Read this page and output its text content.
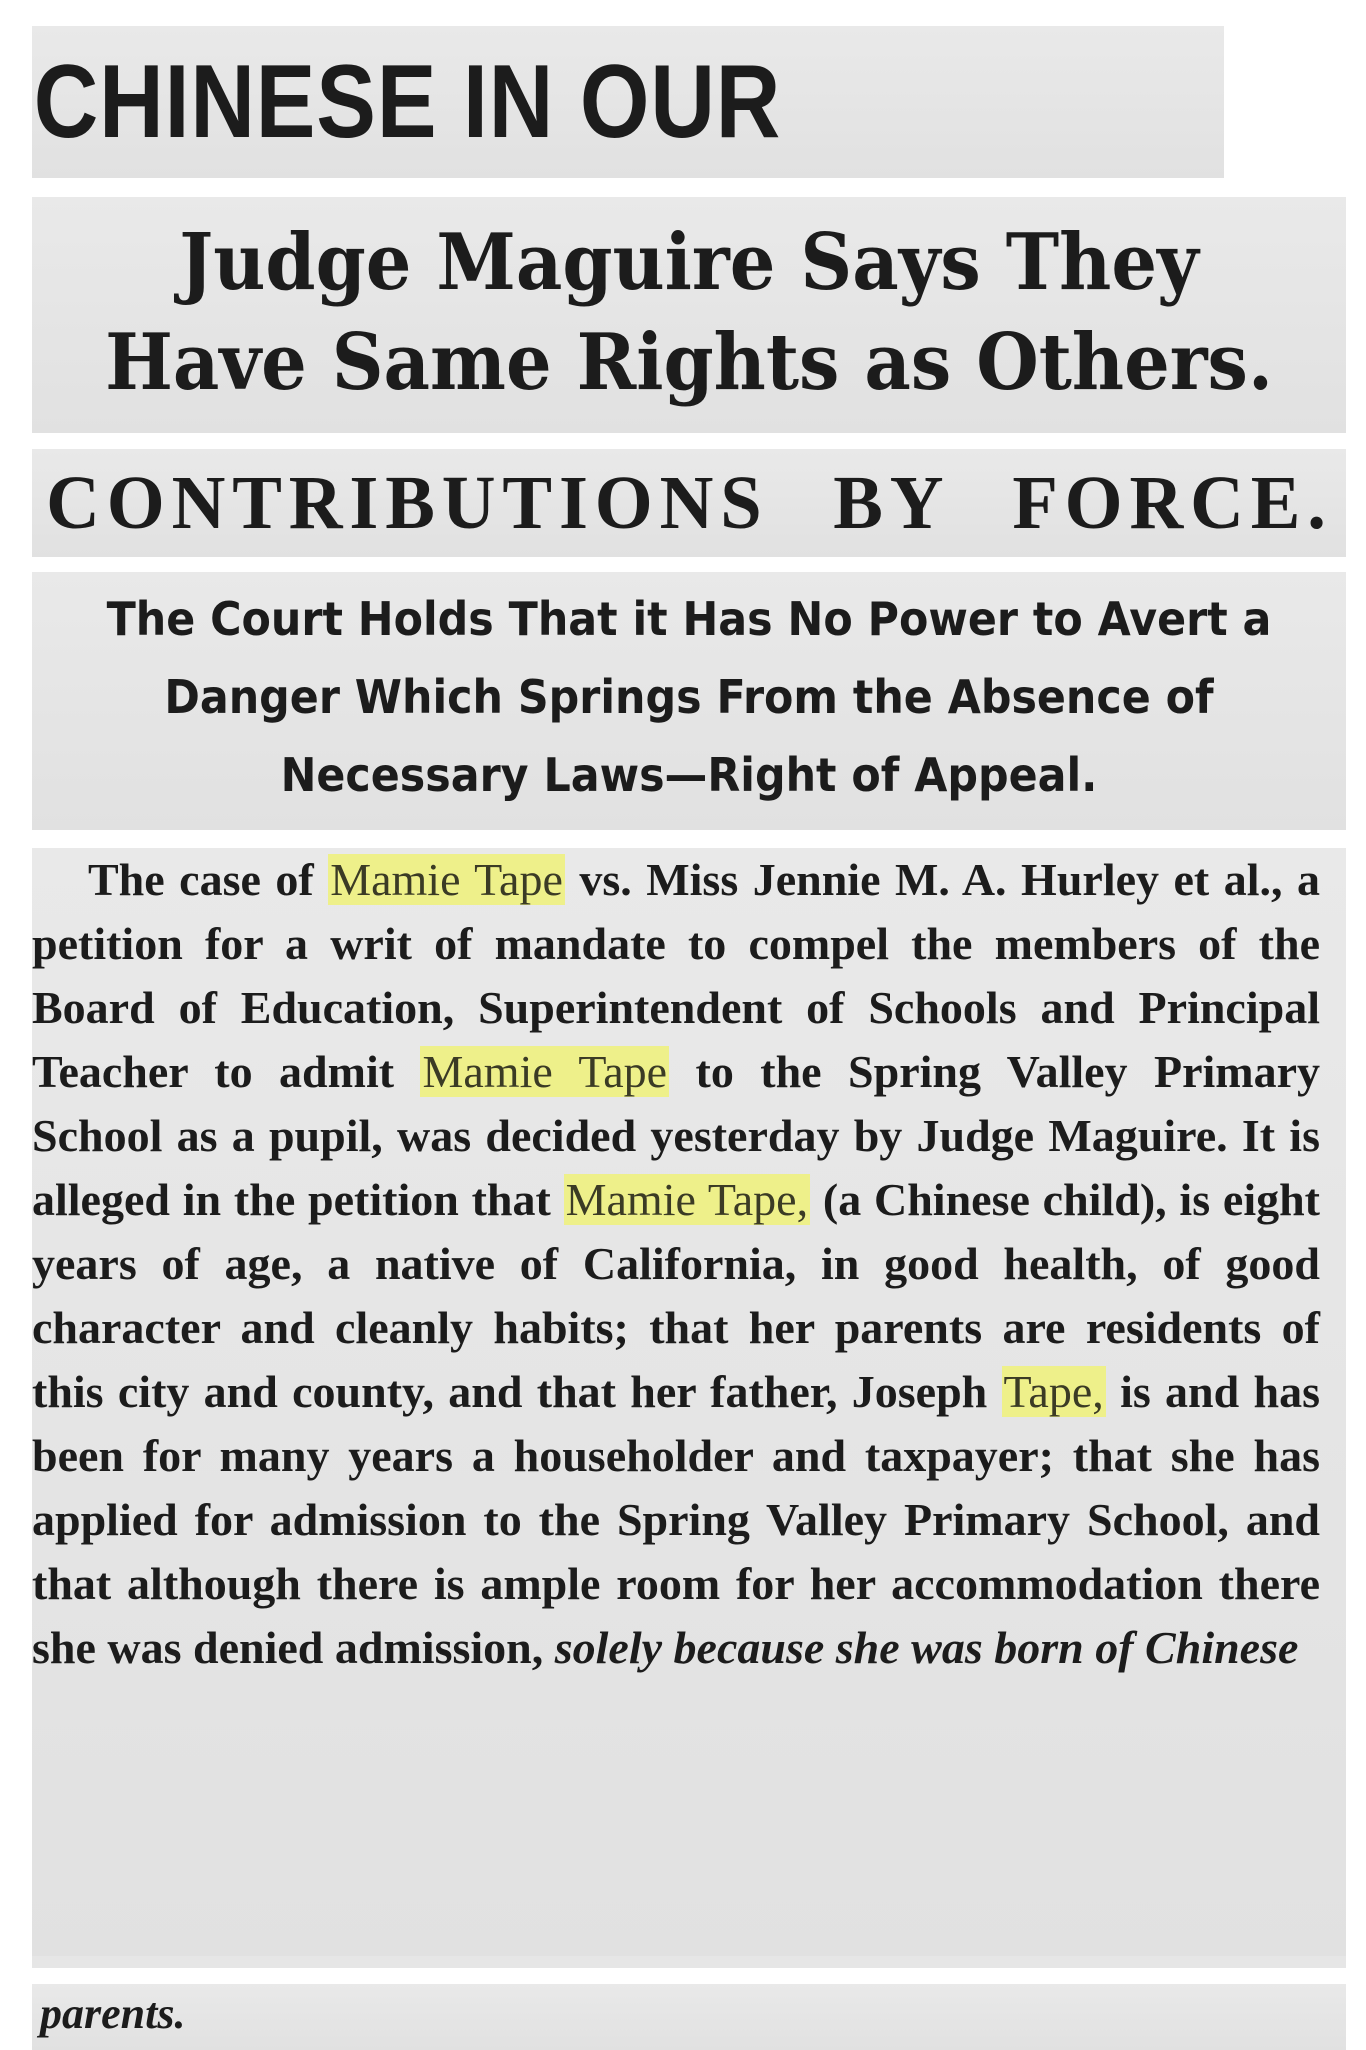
CHINESE IN OUR
Judge Maguire Says They Have Same Rights as Others.
CONTRIBUTIONS BY FORCE.
The Court Holds That it Has No Power to Avert a Danger Which Springs From the Absence of Necessary Laws—Right of Appeal.
The case of Mamie Tape vs. Miss Jennie M. A. Hurley et al., a petition for a writ of mandate to compel the members of the Board of Education, Superintendent of Schools and Principal Teacher to admit Mamie Tape to the Spring Valley Primary School as a pupil, was decided yesterday by Judge Maguire. It is alleged in the petition that Mamie Tape, (a Chinese child), is eight years of age, a native of California, in good health, of good character and cleanly habits; that her parents are residents of this city and county, and that her father, Joseph Tape, is and has been for many years a householder and taxpayer; that she has applied for admission to the Spring Valley Primary School, and that although there is ample room for her accommodation there she was denied admission, solely because she was born of Chinese
parents.
